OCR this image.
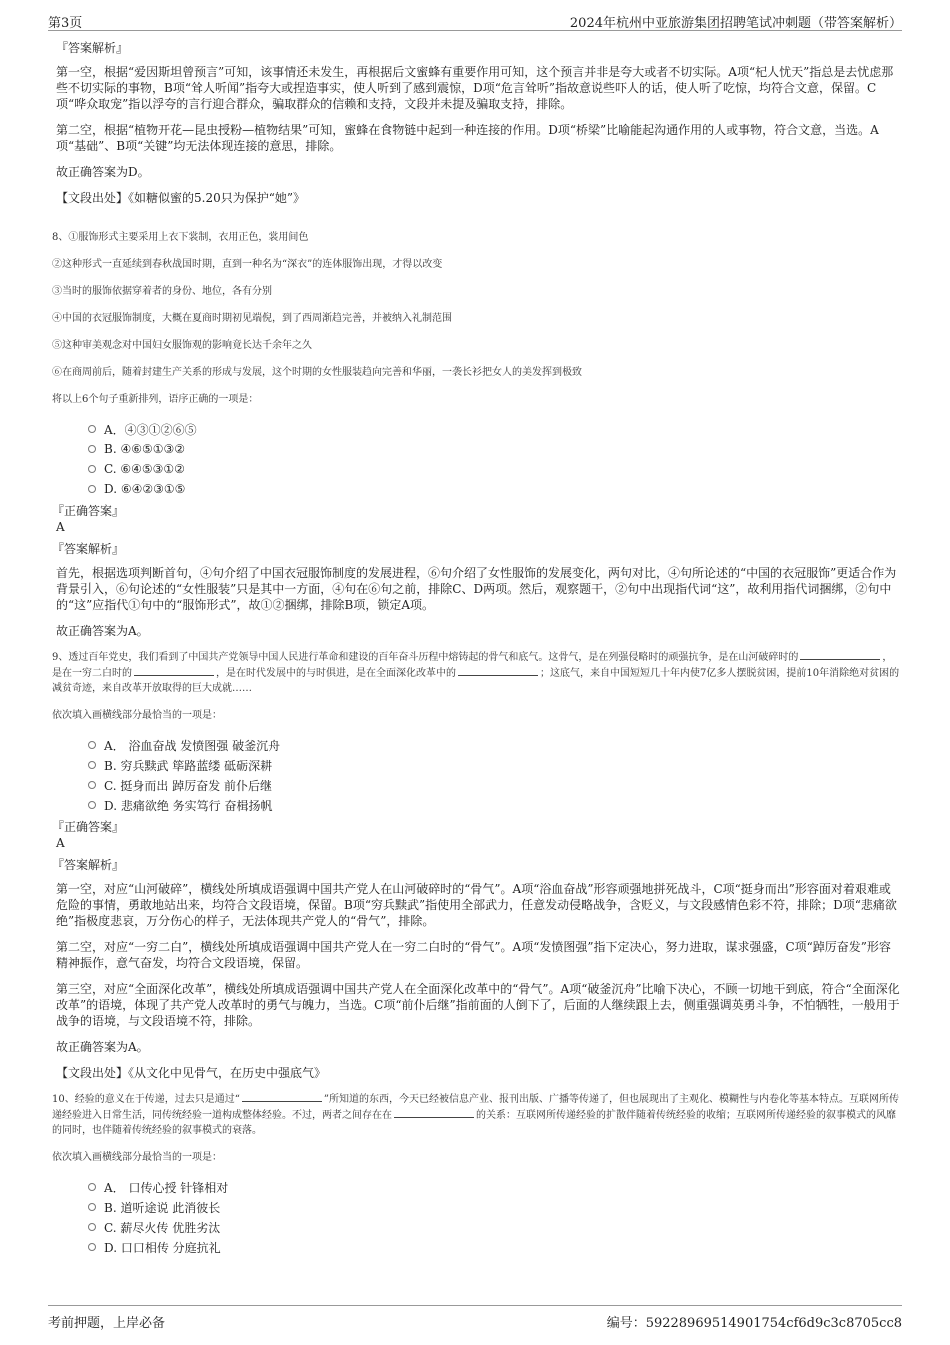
第3页	2024年杭州中亚旅游集团招聘笔试冲刺题（带答案解析）
『答案解析』
第一空，根据“爱因斯坦曾预言”可知，该事情还未发生，再根据后文蜜蜂有重要作用可知，这个预言并非是夸大或者不切实际。A项“杞人忧天”指总是去忧虑那些不切实际的事物，B项“耸人听闻”指夸大或捏造事实，使人听到了感到震惊，D项“危言耸听”指故意说些吓人的话，使人听了吃惊，均符合文意，保留。C项“哗众取宠”指以浮夸的言行迎合群众，骗取群众的信赖和支持，文段并未提及骗取支持，排除。
第二空，根据“植物开花—昆虫授粉—植物结果”可知，蜜蜂在食物链中起到一种连接的作用。D项“桥梁”比喻能起沟通作用的人或事物，符合文意，当选。A项“基础”、B项“关键”均无法体现连接的意思，排除。
故正确答案为D。
【文段出处】《如糖似蜜的5.20只为保护“她”》
8、①服饰形式主要采用上衣下裳制，衣用正色，裳用间色
②这种形式一直延续到春秋战国时期，直到一种名为“深衣”的连体服饰出现，才得以改变
③当时的服饰依据穿着者的身份、地位，各有分别
④中国的衣冠服饰制度，大概在夏商时期初见端倪，到了西周渐趋完善，并被纳入礼制范围
⑤这种审美观念对中国妇女服饰观的影响竟长达千余年之久
⑥在商周前后，随着封建生产关系的形成与发展，这个时期的女性服装趋向完善和华丽，一袭长衫把女人的美发挥到极致
将以上6个句子重新排列，语序正确的一项是：
A．④③①②⑥⑤
B. ④⑥⑤①③②
C. ⑥④⑤③①②
D. ⑥④②③①⑤
『正确答案』
A
『答案解析』
首先，根据选项判断首句，④句介绍了中国衣冠服饰制度的发展进程，⑥句介绍了女性服饰的发展变化，两句对比，④句所论述的“中国的衣冠服饰”更适合作为背景引入，⑥句论述的“女性服装”只是其中一方面，④句在⑥句之前，排除C、D两项。然后，观察题干，②句中出现指代词“这”，故利用指代词捆绑，②句中的“这”应指代①句中的“服饰形式”，故①②捆绑，排除B项，锁定A项。
故正确答案为A。
9、透过百年党史，我们看到了中国共产党领导中国人民进行革命和建设的百年奋斗历程中熔铸起的骨气和底气。这骨气，是在列强侵略时的顽强抗争，是在山河破碎时的	，是在一穷二白时的	，是在时代发展中的与时俱进，是在全面深化改革中的	；这底气，来自中国短短几十年内使7亿多人摆脱贫困，提前10年消除绝对贫困的减贫奇迹，来自改革开放取得的巨大成就……
依次填入画横线部分最恰当的一项是：
A． 浴血奋战 发愤图强 破釜沉舟
B. 穷兵黩武 筚路蓝缕 砥砺深耕
C. 挺身而出 踔厉奋发 前仆后继
D. 悲痛欲绝 务实笃行 奋楫扬帆
『正确答案』
A
『答案解析』
第一空，对应“山河破碎”，横线处所填成语强调中国共产党人在山河破碎时的“骨气”。A项“浴血奋战”形容顽强地拼死战斗，C项“挺身而出”形容面对着艰难或危险的事情，勇敢地站出来，均符合文段语境，保留。B项“穷兵黩武”指使用全部武力，任意发动侵略战争，含贬义，与文段感情色彩不符，排除；D项“悲痛欲绝”指极度悲哀，万分伤心的样子，无法体现共产党人的“骨气”，排除。
第二空，对应“一穷二白”，横线处所填成语强调中国共产党人在一穷二白时的“骨气”。A项“发愤图强”指下定决心，努力进取，谋求强盛，C项“踔厉奋发”形容精神振作，意气奋发，均符合文段语境，保留。
第三空，对应“全面深化改革”，横线处所填成语强调中国共产党人在全面深化改革中的“骨气”。A项“破釜沉舟”比喻下决心，不顾一切地干到底，符合“全面深化改革”的语境，体现了共产党人改革时的勇气与魄力，当选。C项“前仆后继”指前面的人倒下了，后面的人继续跟上去，侧重强调英勇斗争，不怕牺牲，一般用于战争的语境，与文段语境不符，排除。
故正确答案为A。
【文段出处】《从文化中见骨气，在历史中强底气》
10、经验的意义在于传递，过去只是通过“	”所知道的东西，今天已经被信息产业、报刊出版、广播等传递了，但也展现出了主观化、模糊性与内卷化等基本特点。互联网所传递经验进入日常生活，同传统经验一道构成整体经验。不过，两者之间存在在	的关系：互联网所传递经验的扩散伴随着传统经验的收缩；互联网所传递经验的叙事模式的风靡的同时，也伴随着传统经验的叙事模式的衰落。
依次填入画横线部分最恰当的一项是：
A． 口传心授 针锋相对
B. 道听途说 此消彼长
C. 薪尽火传 优胜劣汰
D. 口口相传 分庭抗礼
考前押题，上岸必备	编号：59228969514901754cf6d9c3c8705cc8
